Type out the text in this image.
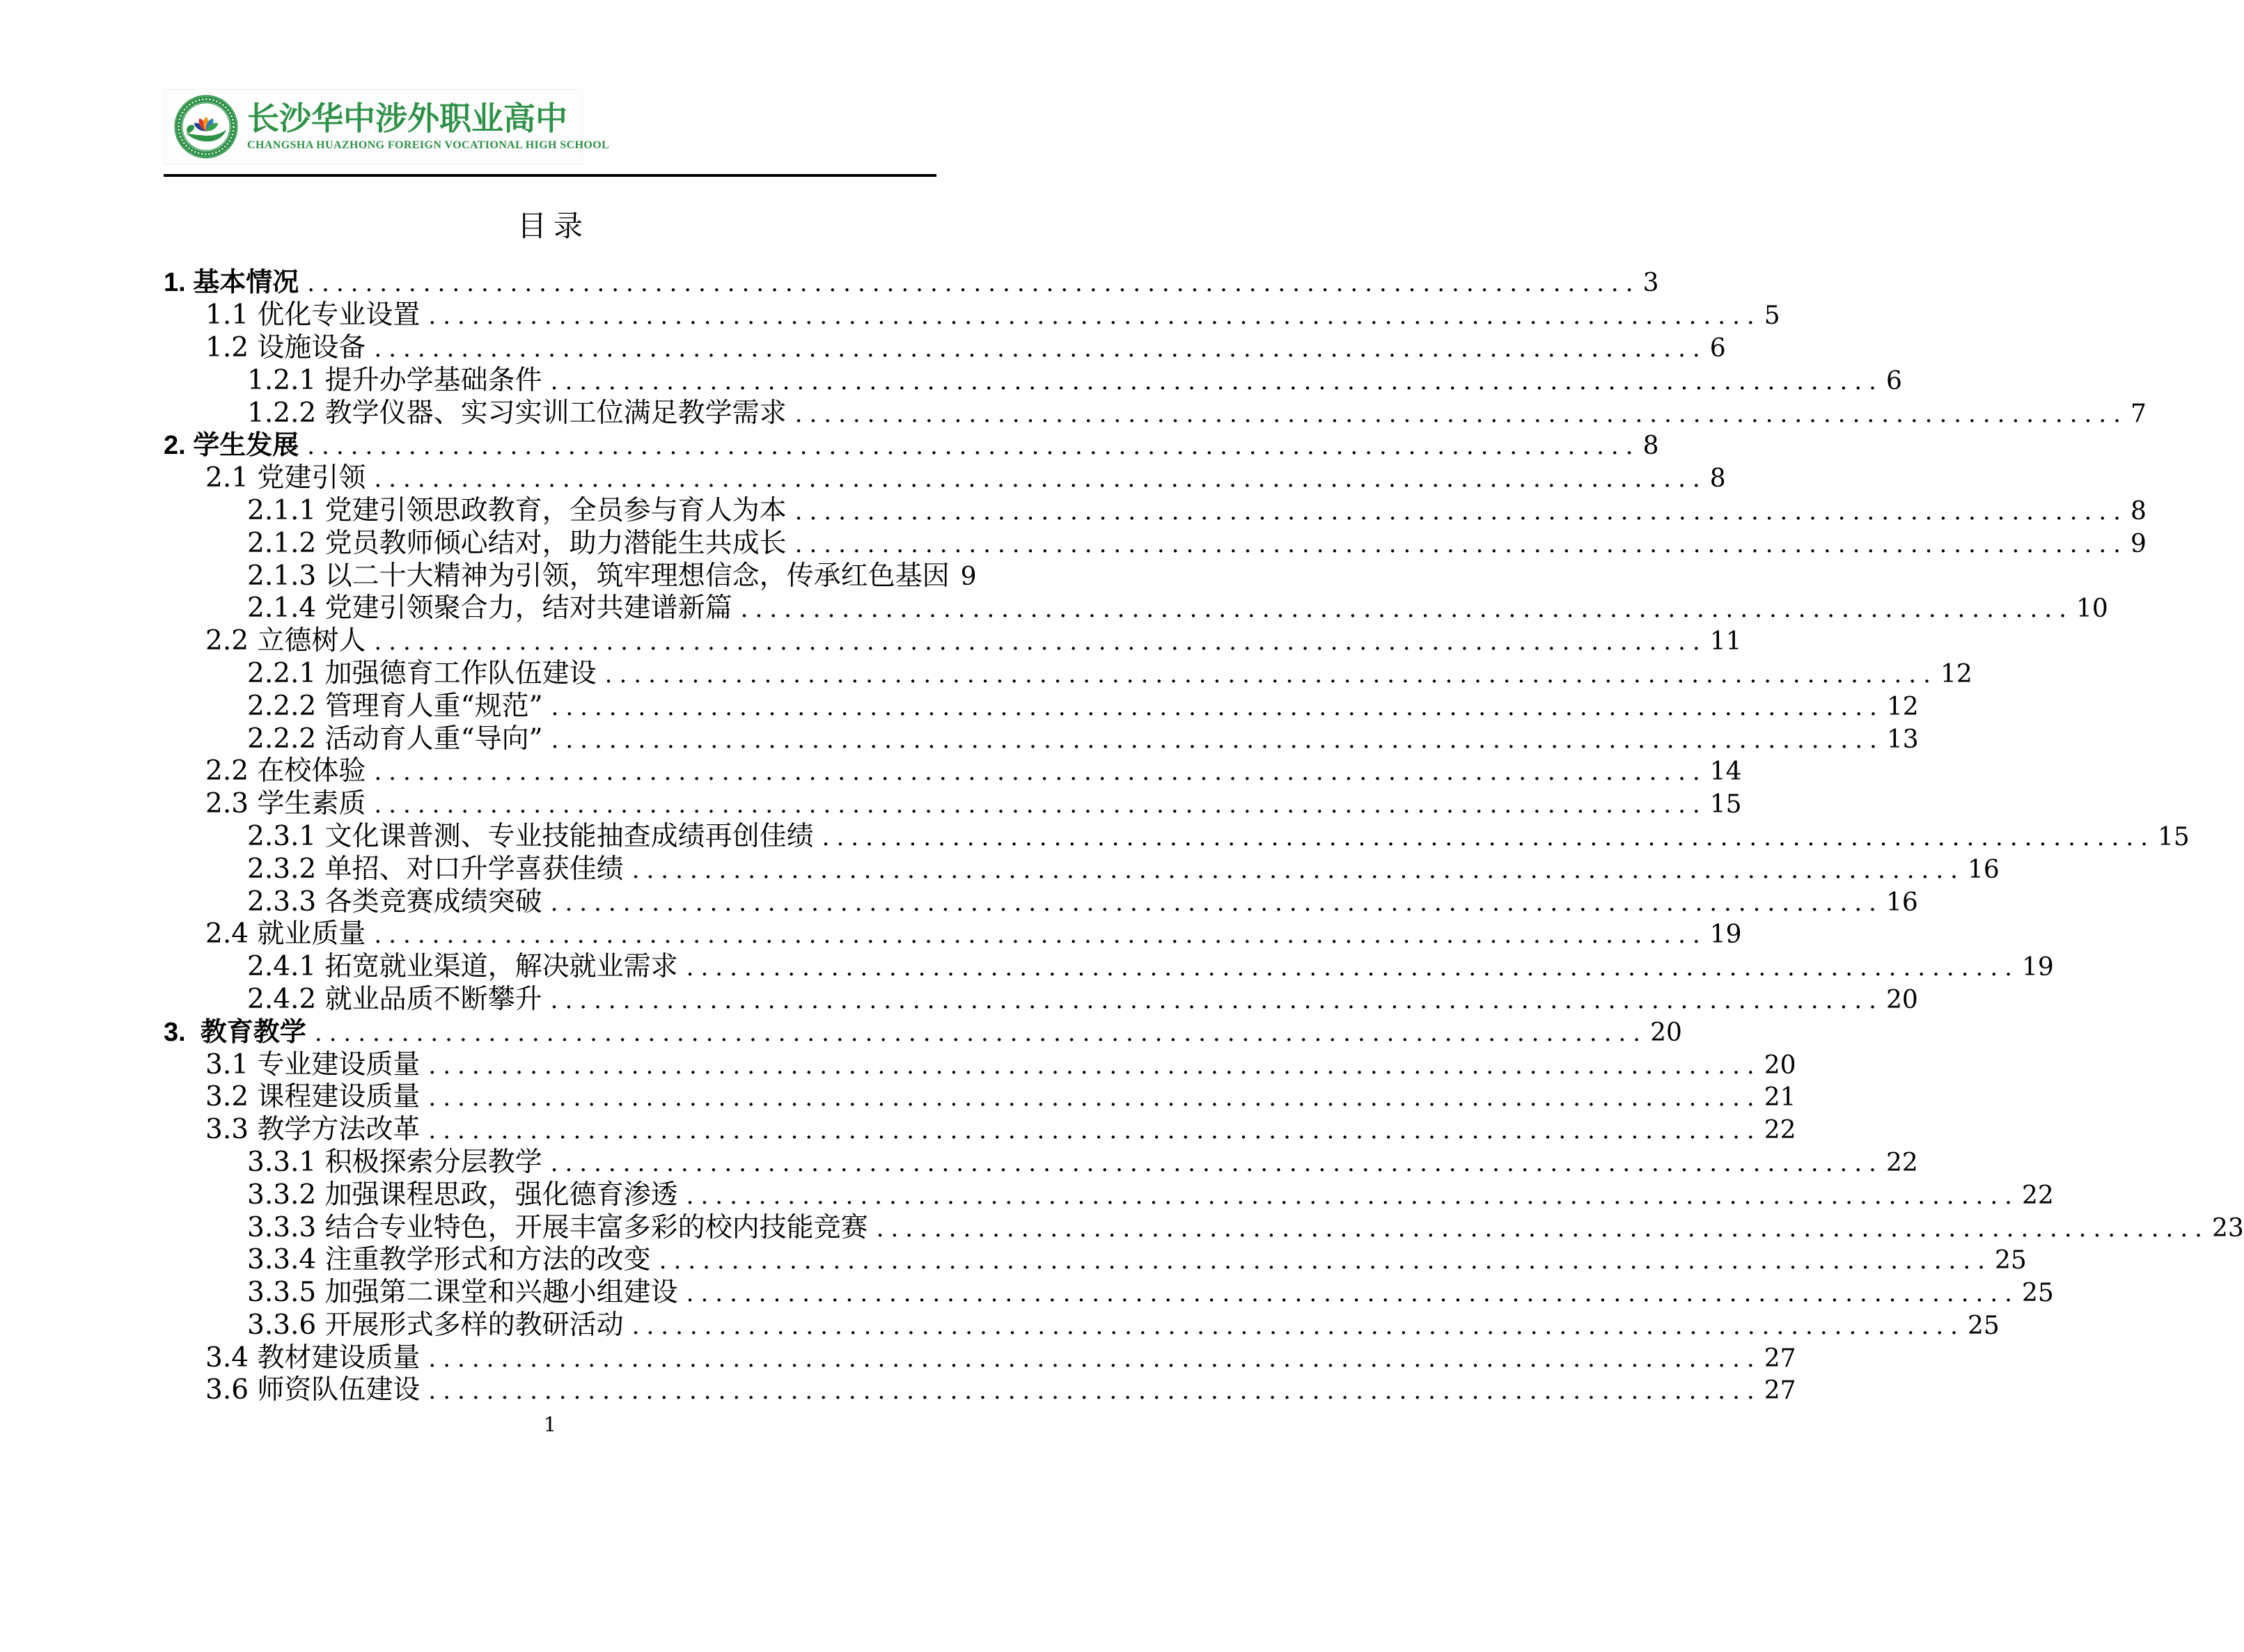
长沙华中涉外职业高中
CHANGSHA HUAZHONG FOREIGN VOCATIONAL HIGH SCHOOL
目录
1. 基本情况 .....	3
1.1 优化专业设置 .....	5
1.2 设施设备 .....	6
1.2.1 提升办学基础条件 .....	6
1.2.2 教学仪器、实习实训工位满足教学需求 .....	7
2. 学生发展 .....	8
2.1 党建引领 .....	8
2.1.1 党建引领思政教育，全员参与育人为本 .....	8
2.1.2 党员教师倾心结对，助力潜能生共成长 .....	9
2.1.3 以二十大精神为引领，筑牢理想信念，传承红色基因 9
2.1.4 党建引领聚合力，结对共建谱新篇 .....	10
2.2 立德树人 .....	11
2.2.1 加强德育工作队伍建设 .....	12
2.2.2 管理育人重“规范” .....	12
2.2.2 活动育人重“导向” .....	13
2.2 在校体验 .....	14
2.3 学生素质 .....	15
2.3.1 文化课普测、专业技能抽查成绩再创佳绩 .....	15
2.3.2 单招、对口升学喜获佳绩 .....	16
2.3.3 各类竞赛成绩突破 .....	16
2.4 就业质量 .....	19
2.4.1 拓宽就业渠道，解决就业需求 .....	19
2.4.2 就业品质不断攀升 .....	20
3.  教育教学 .....	20
3.1 专业建设质量 .....	20
3.2 课程建设质量 .....	21
3.3 教学方法改革 .....	22
3.3.1 积极探索分层教学 .....	22
3.3.2 加强课程思政，强化德育渗透 .....	22
3.3.3 结合专业特色，开展丰富多彩的校内技能竞赛 .....	23
3.3.4 注重教学形式和方法的改变 .....	25
3.3.5 加强第二课堂和兴趣小组建设 .....	25
3.3.6 开展形式多样的教研活动 .....	25
3.4 教材建设质量 .....	27
3.6 师资队伍建设 .....	27
1
